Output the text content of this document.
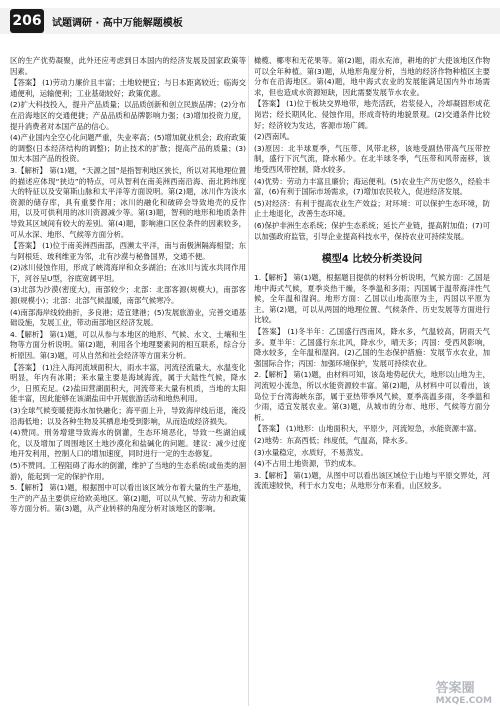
206 试题调研 · 高中万能解题模板

区的生产优势凝聚，此外还应考虑到日本国内的经济发展及国家政策等因素。

【答案】 (1)劳动力廉价且丰富；土地较便宜；与日本距离较近；临海交通便利，运输便利；工业基础较好；政策优惠。

(2)扩大科技投入，提升产品质量；以品质创新和创立民族品牌；(2)分布在沿海地区的交通便捷；产品品质和品牌影响力强；(3)增加投资力度，提升消费者对本国产品的信心。

(4)产业国内全空心化问题严重，失业率高；(5)增加就业机会；政府政策的调整(日本经济结构的调整)；防止技术的扩散；提高产品的质量；(3)加大本国产品的投资。

3.【解析】 第(1)题，“天源之国”是指智利地区狭长，所以对其地理位置的描述应体现“狭边”的特点，可从智利在南美洲西南沿海、南北跨纬度大的特征以及安第斯山脉和太平洋等方面说明。第(2)题，冰川作为淡水资源的储存库，具有重要作用；冰川的融化和破碎会导致地壳的反作用，以及可供利用的冰川资源减少等。第(3)题，智利的地形和地质条件导致其区域间有较大的差别。第(4)题，影响港口区位条件的因素较多，可从水深、地形、气候等方面分析。

【答案】 (1)位于南美洲西南部，西濒太平洋，南与南极洲隔海相望；东与阿根廷、玻利维亚为邻，北有沙漠与秘鲁国界，交通不便。

(2)冰川侵蚀作用，形成了峡湾海岸和众多湖泊；在冰川与流水共同作用下，河谷呈U型，谷底宽阔平坦。

(3)北部为沙漠(密度大)，南部较少；北部：北部客源(规模大)，南部客源(规模小)；北部：北部气候温暖，南部气候寒冷。

(4)南部海岸线较曲折，多良港；适宜建港；(5)发展旅游业，完善交通基础设施，发展工业，带动南部地区经济发展。

4.【解析】 第(1)题，可以从参与本地区的地形、气候、水文、土壤和生物等方面分析说明。第(2)题，利用各个地理要素间的相互联系，综合分析原因。第(3)题，可从自然和社会经济等方面来分析。

【答案】 (1)注入海河流域面积大，雨水丰富，河流径流量大，水温变化明显，年内有冰期；来水量主要是海域海流，属于大陆性气候，降水少，日照充足。(2)盐田营湖面积大，河流带来大量有机质，当地的太阳能丰富，因此能够在该湖盐田中开展旅游活动和地热利用。

(3)全球气候变暖使海水加快融化；海平面上升，导致海岸线后退，淹没沿海低地；以及各种生物及其栖息地受到影响，从而造成经济损失。

(4)赞同。刑务增建导致海水的倒灌，生态环境恶化，导致一些湖泊咸化，以及增加了周围地区土地沙漠化和盐碱化的问题。建议：减少过度地开发利用，控制人口的增加速度，同时进行一定的生态修复。

(5)不赞同。工程阻碍了海水的倒灌，维护了当地的生态系统(或鱼类的洄游)，能起到一定的保护作用。

5.【解析】 第(1)题，根据图中可以看出该区域分布着大量的生产基地，生产的产品主要供应给欧美地区。第(2)题，可以从气候、劳动力和政策等方面分析。第(3)题，从产业转移的角度分析对该地区的影响。

橄榄、椰枣和无花果等。第(2)题，雨水充沛，耕地的扩大使该地区作物可以全年种植。第(3)题，从地形角度分析，当地的经济作物种植区主要分布在沿海地区。第(4)题，地中海式农业的发展能满足国内外市场需求，但也造成水资源短缺，因此需要发展节水农业。

【答案】 (1)位于板块交界地带，地壳活跃，岩浆侵入，冷却凝固形成花岗岩；经长期风化、侵蚀作用，形成奇特的地貌景观。(2)交通条件比较好；经济较为发达，客源市场广阔。

(2)西南风。

(3)原因：北半球夏季，气压带、风带北移，该地受副热带高气压带控制，盛行下沉气流，降水稀少。在北半球冬季，气压带和风带南移，该地受西风带控制，降水较多。

(4)优势：劳动力丰富且廉价；海运便利。(5)农业生产历史悠久，经验丰富，(6)有利于国际市场需求，(7)增加农民收入，促进经济发展。

(5)对经济：有利于提高农业生产效益；对环境：可以保护生态环境，防止土地退化，改善生态环境。

(6)保护非洲生态系统；保护生态系统；延长产业链，提高附加值；(7)可以加强政府监管，引导企业提高科技水平，保持农业可持续发展。

模型4 比较分析类设问

1.【解析】 第(1)题，根据题目提供的材料分析说明，气候方面：乙国是地中海式气候，夏季炎热干燥，冬季温和多雨；丙国属于温带海洋性气候，全年温和湿润。地形方面：乙国以山地高原为主，丙国以平原为主。第(2)题，可以从两国的地理位置、气候条件、历史发展等方面进行比较。

【答案】 (1)冬半年：乙国盛行西南风，降水多，气温较高，阴雨天气多。夏半年：乙国盛行东北风，降水少，晴天多；丙国：受西风影响，降水较多，全年温和湿润。(2)乙国的生态保护措施：发展节水农业，加强国际合作；丙国：加强环境保护，发展可持续农业。

2.【解析】 第(1)题，由材料可知，该岛地势起伏大，地形以山地为主，河流短小流急，所以水能资源较丰富。第(2)题，从材料中可以看出，该岛位于台湾海峡东部，属于亚热带季风气候，夏季高温多雨，冬季温和少雨，适宜发展农业。第(3)题，从城市的分布、地形、气候等方面分析。

【答案】 (1)地形：山地面积大，平原少，河流短急，水能资源丰富。

(2)地势：东高西低；纬度低，气温高，降水多。

(3)水量稳定，水质好，不易蒸发。

(4)不占用土地资源，节约成本。

3.【解析】 第(1)题，从图中可以看出该区域位于山地与平原交界处，河流流速较快，利于水力发电；从地形分布来看，山区较多。

答案圈
MXQE.COM
